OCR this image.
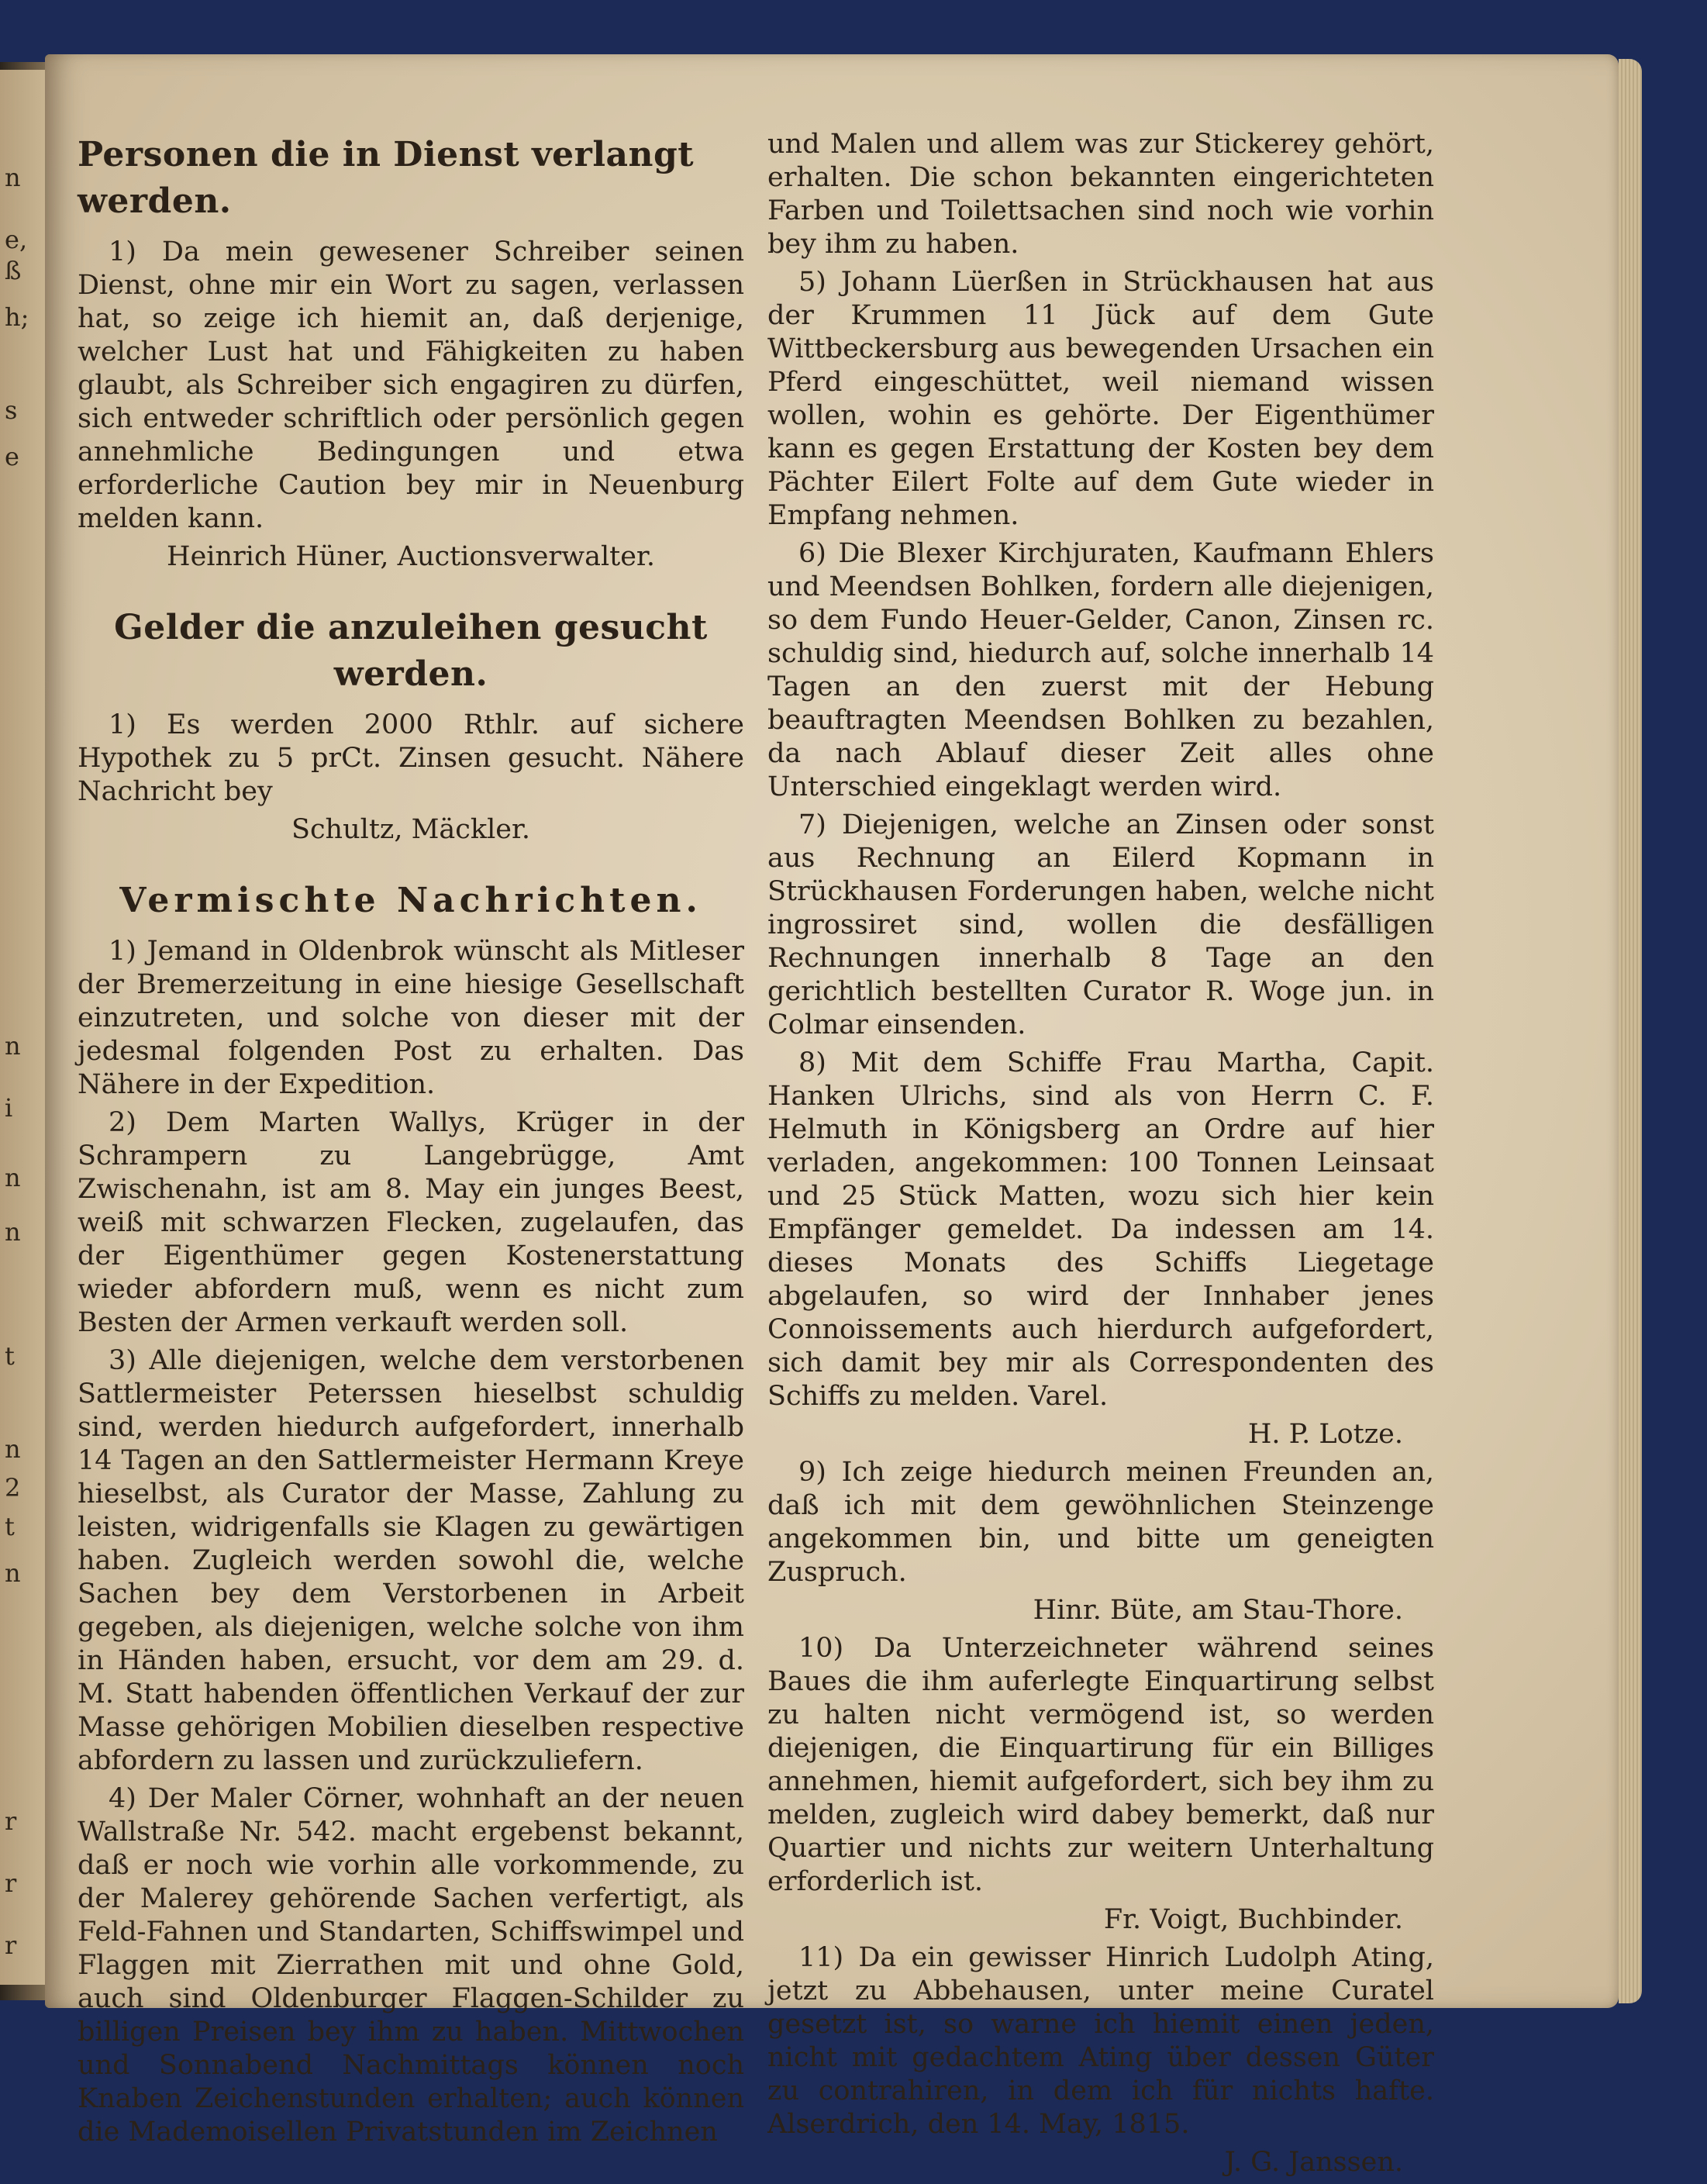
n
e,
ß
h;
s
e
n
i
n
n
t
n
2
t
n
r
r
r
Personen die in Dienst verlangt werden.

1) Da mein gewesener Schreiber seinen Dienst, ohne mir ein Wort zu sagen, verlassen hat, so zeige ich hiemit an, daß derjenige, welcher Lust hat und Fähigkeiten zu haben glaubt, als Schreiber sich engagiren zu dürfen, sich entweder schriftlich oder persönlich gegen annehmliche Bedingungen und etwa erforderliche Caution bey mir in Neuenburg melden kann.

Heinrich Hüner, Auctionsverwalter.

Gelder die anzuleihen gesucht werden.

1) Es werden 2000 Rthlr. auf sichere Hypothek zu 5 prCt. Zinsen gesucht. Nähere Nachricht bey

Schultz, Mäckler.

Vermischte Nachrichten.

1) Jemand in Oldenbrok wünscht als Mitleser der Bremerzeitung in eine hiesige Gesellschaft einzutreten, und solche von dieser mit der jedesmal folgenden Post zu erhalten. Das Nähere in der Expedition.

2) Dem Marten Wallys, Krüger in der Schrampern zu Langebrügge, Amt Zwischenahn, ist am 8. May ein junges Beest, weiß mit schwarzen Flecken, zugelaufen, das der Eigenthümer gegen Kostenerstattung wieder abfordern muß, wenn es nicht zum Besten der Armen verkauft werden soll.

3) Alle diejenigen, welche dem verstorbenen Sattlermeister Peterssen hieselbst schuldig sind, werden hiedurch aufgefordert, innerhalb 14 Tagen an den Sattlermeister Hermann Kreye hieselbst, als Curator der Masse, Zahlung zu leisten, widrigenfalls sie Klagen zu gewärtigen haben. Zugleich werden sowohl die, welche Sachen bey dem Verstorbenen in Arbeit gegeben, als diejenigen, welche solche von ihm in Händen haben, ersucht, vor dem am 29. d. M. Statt habenden öffentlichen Verkauf der zur Masse gehörigen Mobilien dieselben respective abfordern zu lassen und zurückzuliefern.

4) Der Maler Cörner, wohnhaft an der neuen Wallstraße Nr. 542. macht ergebenst bekannt, daß er noch wie vorhin alle vorkommende, zu der Malerey gehörende Sachen verfertigt, als Feld-Fahnen und Standarten, Schiffswimpel und Flaggen mit Zierrathen mit und ohne Gold, auch sind Oldenburger Flaggen-Schilder zu billigen Preisen bey ihm zu haben. Mittwochen und Sonnabend Nachmittags können noch Knaben Zeichenstunden erhalten; auch können die Mademoisellen Privatstunden im Zeichnen

und Malen und allem was zur Stickerey gehört, erhalten. Die schon bekannten eingerichteten Farben und Toilettsachen sind noch wie vorhin bey ihm zu haben.

5) Johann Lüerßen in Strückhausen hat aus der Krummen 11 Jück auf dem Gute Wittbeckersburg aus bewegenden Ursachen ein Pferd eingeschüttet, weil niemand wissen wollen, wohin es gehörte. Der Eigenthümer kann es gegen Erstattung der Kosten bey dem Pächter Eilert Folte auf dem Gute wieder in Empfang nehmen.

6) Die Blexer Kirchjuraten, Kaufmann Ehlers und Meendsen Bohlken, fordern alle diejenigen, so dem Fundo Heuer-Gelder, Canon, Zinsen rc. schuldig sind, hiedurch auf, solche innerhalb 14 Tagen an den zuerst mit der Hebung beauftragten Meendsen Bohlken zu bezahlen, da nach Ablauf dieser Zeit alles ohne Unterschied eingeklagt werden wird.

7) Diejenigen, welche an Zinsen oder sonst aus Rechnung an Eilerd Kopmann in Strückhausen Forderungen haben, welche nicht ingrossiret sind, wollen die desfälligen Rechnungen innerhalb 8 Tage an den gerichtlich bestellten Curator R. Woge jun. in Colmar einsenden.

8) Mit dem Schiffe Frau Martha, Capit. Hanken Ulrichs, sind als von Herrn C. F. Helmuth in Königsberg an Ordre auf hier verladen, angekommen: 100 Tonnen Leinsaat und 25 Stück Matten, wozu sich hier kein Empfänger gemeldet. Da indessen am 14. dieses Monats des Schiffs Liegetage abgelaufen, so wird der Innhaber jenes Connoissements auch hierdurch aufgefordert, sich damit bey mir als Correspondenten des Schiffs zu melden. Varel.

H. P. Lotze.

9) Ich zeige hiedurch meinen Freunden an, daß ich mit dem gewöhnlichen Steinzenge angekommen bin, und bitte um geneigten Zuspruch.

Hinr. Büte, am Stau-Thore.

10) Da Unterzeichneter während seines Baues die ihm auferlegte Einquartirung selbst zu halten nicht vermögend ist, so werden diejenigen, die Einquartirung für ein Billiges annehmen, hiemit aufgefordert, sich bey ihm zu melden, zugleich wird dabey bemerkt, daß nur Quartier und nichts zur weitern Unterhaltung erforderlich ist.

Fr. Voigt, Buchbinder.

11) Da ein gewisser Hinrich Ludolph Ating, jetzt zu Abbehausen, unter meine Curatel gesetzt ist, so warne ich hiemit einen jeden, nicht mit gedachtem Ating über dessen Güter zu contrahiren, in dem ich für nichts hafte. Alserdrich, den 14. May, 1815.

J. G. Janssen.
